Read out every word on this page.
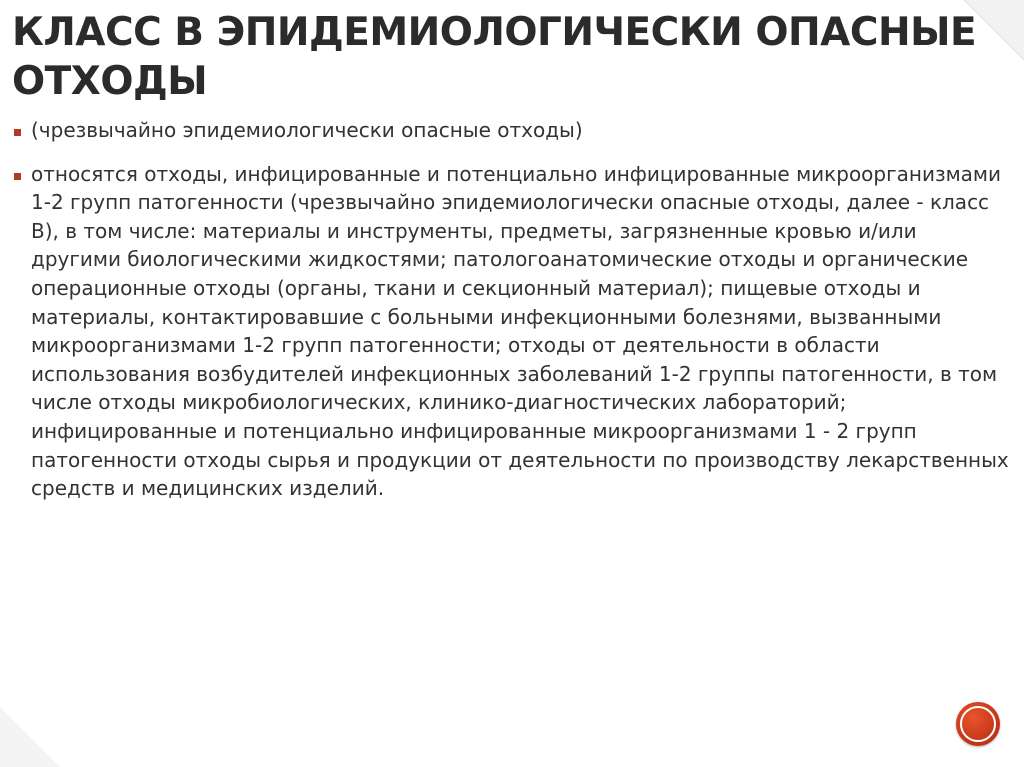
КЛАСС В ЭПИДЕМИОЛОГИЧЕСКИ ОПАСНЫЕ ОТХОДЫ
(чрезвычайно эпидемиологически опасные отходы)
относятся отходы, инфицированные и потенциально инфицированные микроорганизмами 1-2 групп патогенности (чрезвычайно эпидемиологически опасные отходы, далее - класс В), в том числе: материалы и инструменты, предметы, загрязненные кровью и/или другими биологическими жидкостями; патологоанатомические отходы и органические операционные отходы (органы, ткани и секционный материал); пищевые отходы и материалы, контактировавшие с больными инфекционными болезнями, вызванными микроорганизмами 1-2 групп патогенности; отходы от деятельности в области использования возбудителей инфекционных заболеваний 1-2 группы патогенности, в том числе отходы микробиологических, клинико-диагностических лабораторий; инфицированные и потенциально инфицированные микроорганизмами 1 - 2 групп патогенности отходы сырья и продукции от деятельности по производству лекарственных средств и медицинских изделий.
